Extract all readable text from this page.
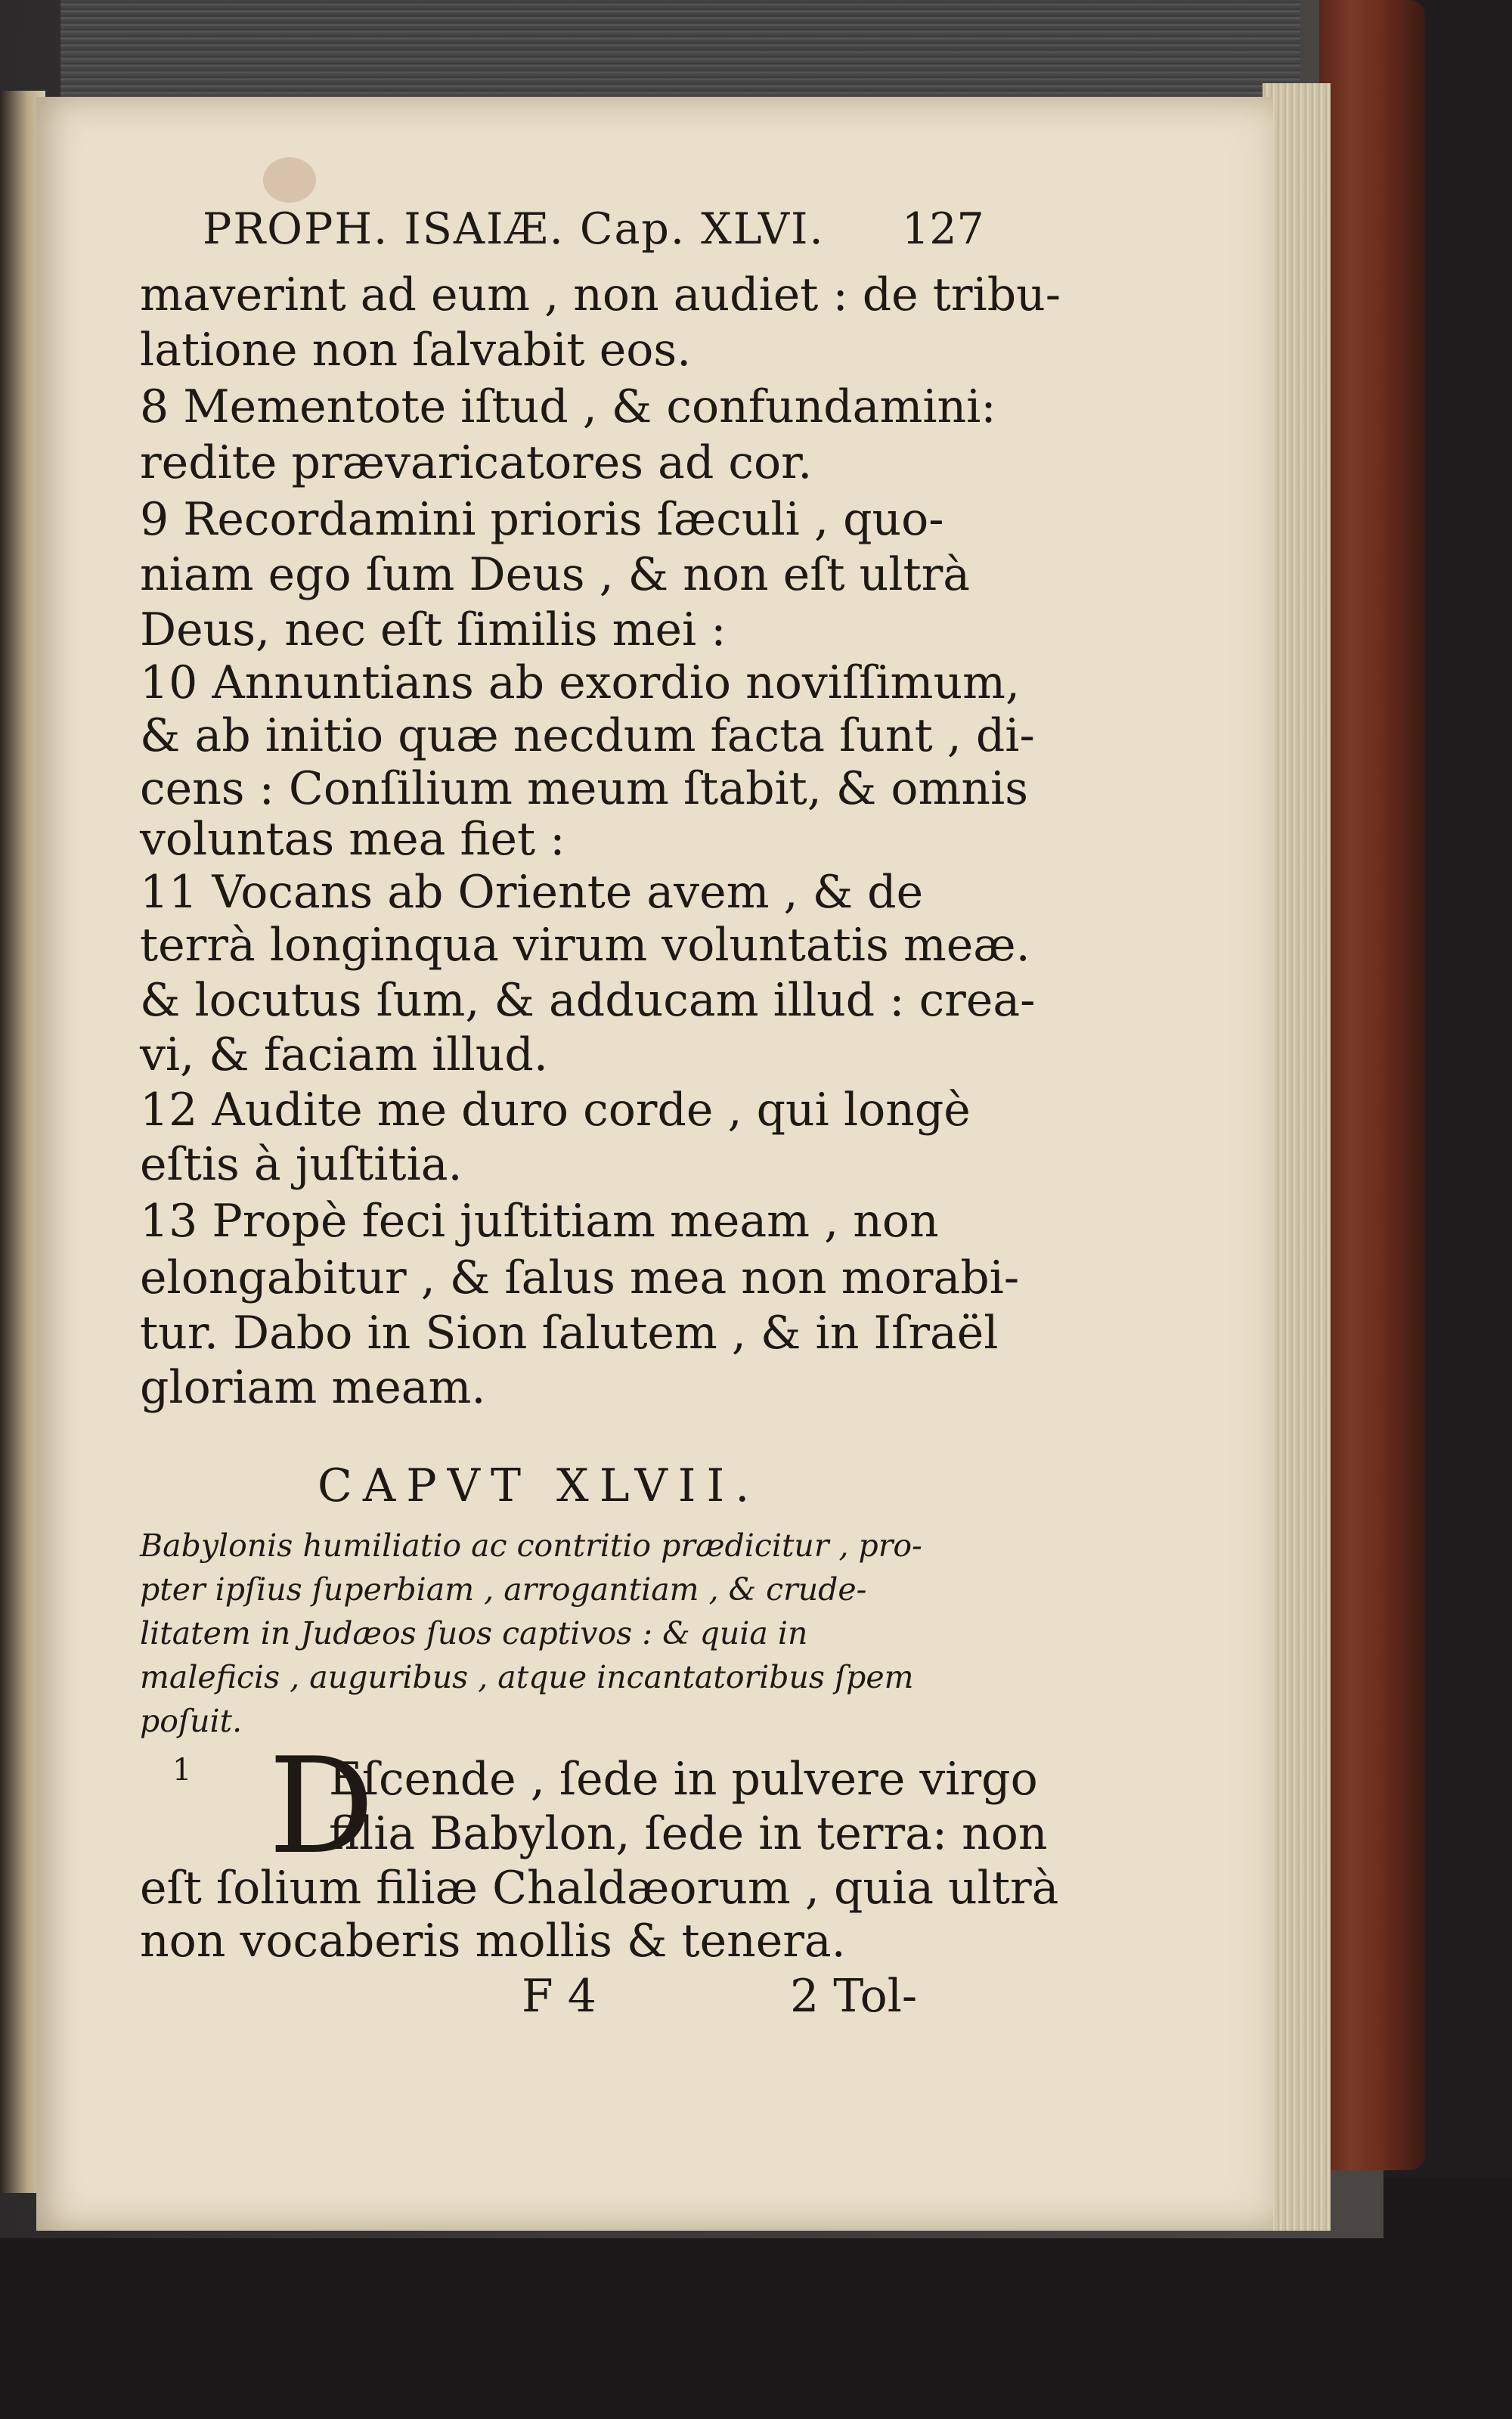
PROPH. ISAIÆ. Cap. XLVI.	127
maverint ad eum , non audiet : de tribu-
latione non ſalvabit eos.
8 Mementote iſtud , & confundamini:
redite prævaricatores ad cor.
9 Recordamini prioris ſæculi , quo-
niam ego ſum Deus , & non eſt ultrà
Deus, nec eſt ſimilis mei :
10 Annuntians ab exordio noviſſimum,
& ab initio quæ necdum facta ſunt , di-
cens : Conſilium meum ſtabit, & omnis
voluntas mea fiet :
11 Vocans ab Oriente avem , & de
terrà longinqua virum voluntatis meæ.
& locutus ſum, & adducam illud : crea-
vi, & faciam illud.
12 Audite me duro corde , qui longè
eſtis à juſtitia.
13 Propè feci juſtitiam meam , non
elongabitur , & ſalus mea non morabi-
tur. Dabo in Sion ſalutem , & in Iſraël
gloriam meam.
CAPVT XLVII.
Babylonis humiliatio ac contritio prædicitur , pro-
pter ipſius ſuperbiam , arrogantiam , & crude-
litatem in Judæos ſuos captivos : & quia in
maleficis , auguribus , atque incantatoribus ſpem
poſuit.
1 D
Eſcende , ſede in pulvere virgo
filia Babylon, ſede in terra: non
eſt ſolium filiæ Chaldæorum , quia ultrà
non vocaberis mollis & tenera.
F 4	2 Tol-
